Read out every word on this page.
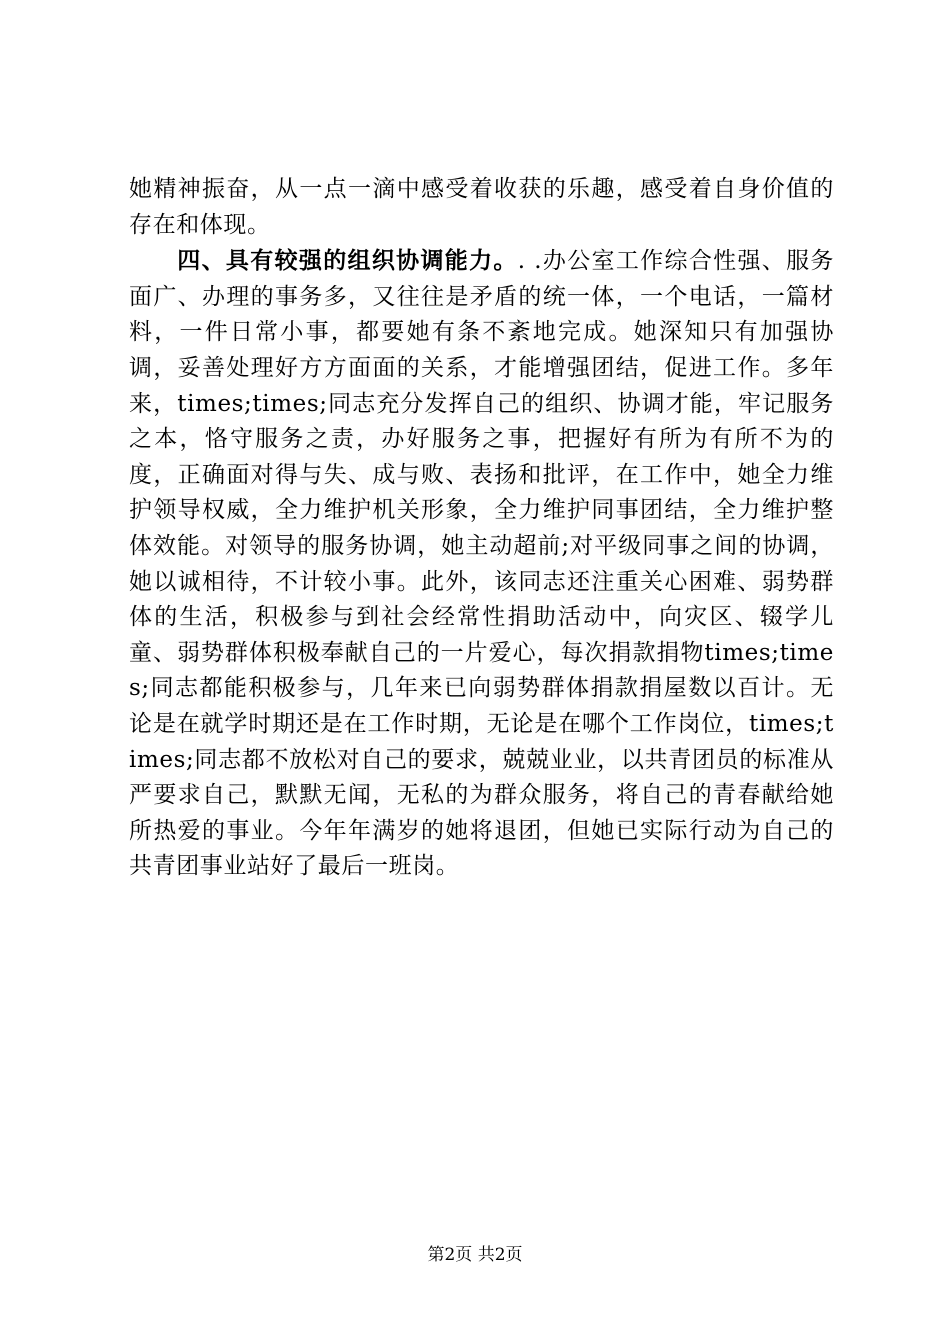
她精神振奋，从一点一滴中感受着收获的乐趣，感受着自身价值的存在和体现。

四、具有较强的组织协调能力。. .办公室工作综合性强、服务面广、办理的事务多，又往往是矛盾的统一体，一个电话，一篇材料，一件日常小事，都要她有条不紊地完成。她深知只有加强协调，妥善处理好方方面面的关系，才能增强团结，促进工作。多年来，times;times;同志充分发挥自己的组织、协调才能，牢记服务之本，恪守服务之责，办好服务之事，把握好有所为有所不为的度，正确面对得与失、成与败、表扬和批评，在工作中，她全力维护领导权威，全力维护机关形象，全力维护同事团结，全力维护整体效能。对领导的服务协调，她主动超前;对平级同事之间的协调，她以诚相待，不计较小事。此外，该同志还注重关心困难、弱势群体的生活，积极参与到社会经常性捐助活动中，向灾区、辍学儿童、弱势群体积极奉献自己的一片爱心，每次捐款捐物times;times;同志都能积极参与，几年来已向弱势群体捐款捐屋数以百计。无论是在就学时期还是在工作时期，无论是在哪个工作岗位，times;times;同志都不放松对自己的要求，兢兢业业，以共青团员的标准从严要求自己，默默无闻，无私的为群众服务，将自己的青春献给她所热爱的事业。今年年满岁的她将退团，但她已实际行动为自己的共青团事业站好了最后一班岗。

第2页 共2页
